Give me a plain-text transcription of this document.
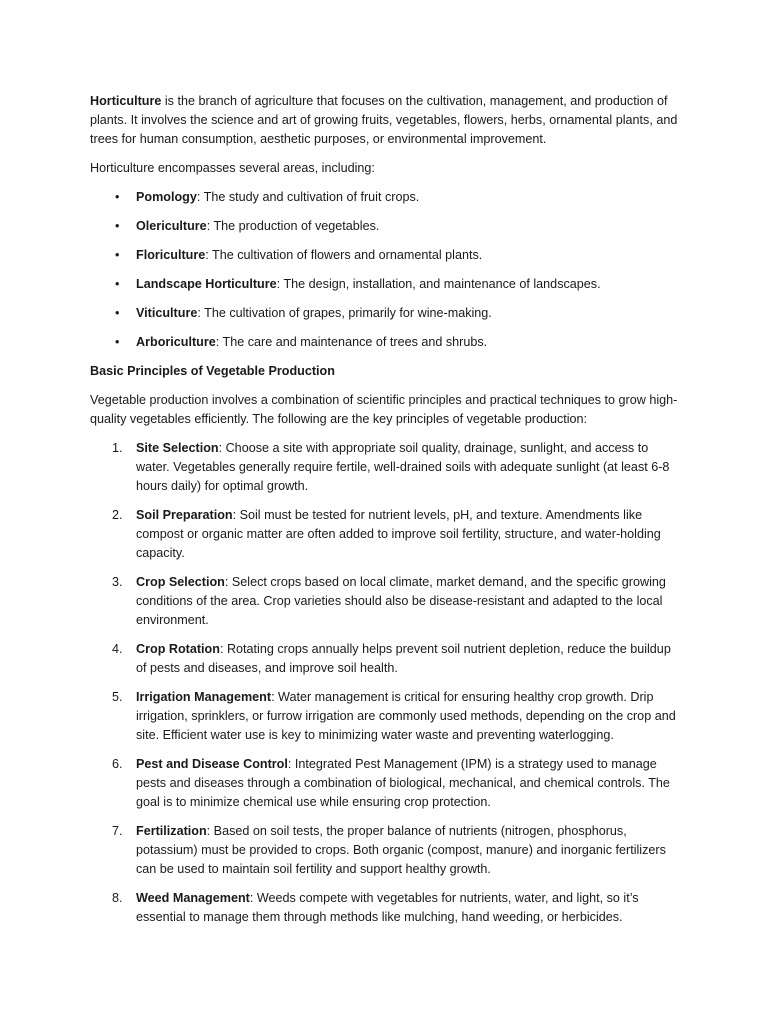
Horticulture is the branch of agriculture that focuses on the cultivation, management, and production of plants. It involves the science and art of growing fruits, vegetables, flowers, herbs, ornamental plants, and trees for human consumption, aesthetic purposes, or environmental improvement.

Horticulture encompasses several areas, including:

• Pomology: The study and cultivation of fruit crops.
• Olericulture: The production of vegetables.
• Floriculture: The cultivation of flowers and ornamental plants.
• Landscape Horticulture: The design, installation, and maintenance of landscapes.
• Viticulture: The cultivation of grapes, primarily for wine-making.
• Arboriculture: The care and maintenance of trees and shrubs.

Basic Principles of Vegetable Production

Vegetable production involves a combination of scientific principles and practical techniques to grow high-quality vegetables efficiently. The following are the key principles of vegetable production:

1. Site Selection: Choose a site with appropriate soil quality, drainage, sunlight, and access to water. Vegetables generally require fertile, well-drained soils with adequate sunlight (at least 6-8 hours daily) for optimal growth.
2. Soil Preparation: Soil must be tested for nutrient levels, pH, and texture. Amendments like compost or organic matter are often added to improve soil fertility, structure, and water-holding capacity.
3. Crop Selection: Select crops based on local climate, market demand, and the specific growing conditions of the area. Crop varieties should also be disease-resistant and adapted to the local environment.
4. Crop Rotation: Rotating crops annually helps prevent soil nutrient depletion, reduce the buildup of pests and diseases, and improve soil health.
5. Irrigation Management: Water management is critical for ensuring healthy crop growth. Drip irrigation, sprinklers, or furrow irrigation are commonly used methods, depending on the crop and site. Efficient water use is key to minimizing water waste and preventing waterlogging.
6. Pest and Disease Control: Integrated Pest Management (IPM) is a strategy used to manage pests and diseases through a combination of biological, mechanical, and chemical controls. The goal is to minimize chemical use while ensuring crop protection.
7. Fertilization: Based on soil tests, the proper balance of nutrients (nitrogen, phosphorus, potassium) must be provided to crops. Both organic (compost, manure) and inorganic fertilizers can be used to maintain soil fertility and support healthy growth.
8. Weed Management: Weeds compete with vegetables for nutrients, water, and light, so it’s essential to manage them through methods like mulching, hand weeding, or herbicides.
